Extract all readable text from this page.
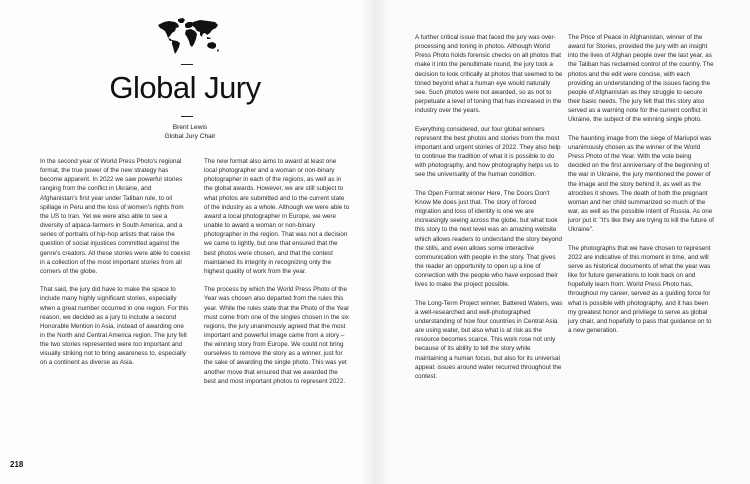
Global Jury
Brent Lewis
Global Jury Chair

In the second year of World Press Photo's regional format, the true power of the new strategy has become apparent. In 2022 we saw powerful stories ranging from the conflict in Ukraine, and Afghanistan's first year under Taliban rule, to oil spillage in Peru and the loss of women's rights from the US to Iran. Yet we were also able to see a diversity of alpaca-farmers in South America, and a series of portraits of hip-hop artists that raise the question of social injustices committed against the genre's creators. All these stories were able to coexist in a collection of the most important stories from all corners of the globe.

That said, the jury did have to make the space to include many highly significant stories, especially when a great number occurred in one region. For this reason, we decided as a jury to include a second Honorable Mention in Asia, instead of awarding one in the North and Central America region. The jury felt the two stories represented were too important and visually striking not to bring awareness to, especially on a continent as diverse as Asia.

The new format also aims to award at least one local photographer and a woman or non-binary photographer in each of the regions, as well as in the global awards. However, we are still subject to what photos are submitted and to the current state of the industry as a whole. Although we were able to award a local photographer in Europe, we were unable to award a woman or non-binary photographer in the region. That was not a decision we came to lightly, but one that ensured that the best photos were chosen, and that the contest maintained its integrity in recognizing only the highest quality of work from the year.

The process by which the World Press Photo of the Year was chosen also departed from the rules this year. While the rules state that the Photo of the Year must come from one of the singles chosen in the six regions, the jury unanimously agreed that the most important and powerful image came from a story – the winning story from Europe. We could not bring ourselves to remove the story as a winner, just for the sake of awarding the single photo. This was yet another move that ensured that we awarded the best and most important photos to represent 2022.

218

A further critical issue that faced the jury was over-processing and toning in photos. Although World Press Photo holds forensic checks on all photos that make it into the penultimate round, the jury took a decision to look critically at photos that seemed to be toned beyond what a human eye would naturally see. Such photos were not awarded, so as not to perpetuate a level of toning that has increased in the industry over the years.

Everything considered, our four global winners represent the best photos and stories from the most important and urgent stories of 2022. They also help to continue the tradition of what it is possible to do with photography, and how photography helps us to see the universality of the human condition.

The Open Format winner Here, The Doors Don't Know Me does just that. The story of forced migration and loss of identity is one we are increasingly seeing across the globe, but what took this story to the next level was an amazing website which allows readers to understand the story beyond the stills, and even allows some interactive communication with people in the story. That gives the reader an opportunity to open up a line of connection with the people who have exposed their lives to make the project possible.

The Long-Term Project winner, Battered Waters, was a well-researched and well-photographed understanding of how four countries in Central Asia are using water, but also what is at risk as the resource becomes scarce. This work rose not only because of its ability to tell the story while maintaining a human focus, but also for its universal appeal: issues around water recurred throughout the contest.

The Price of Peace in Afghanistan, winner of the award for Stories, provided the jury with an insight into the lives of Afghan people over the last year, as the Taliban has reclaimed control of the country. The photos and the edit were concise, with each providing an understanding of the issues facing the people of Afghanistan as they struggle to secure their basic needs. The jury felt that this story also served as a warning note for the current conflict in Ukraine, the subject of the winning single photo.

The haunting image from the siege of Mariupol was unanimously chosen as the winner of the World Press Photo of the Year. With the vote being decided on the first anniversary of the beginning of the war in Ukraine, the jury mentioned the power of the image and the story behind it, as well as the atrocities it shows. The death of both the pregnant woman and her child summarized so much of the war, as well as the possible intent of Russia. As one juror put it: "It's like they are trying to kill the future of Ukraine".

The photographs that we have chosen to represent 2022 are indicative of this moment in time, and will serve as historical documents of what the year was like for future generations to look back on and hopefully learn from. World Press Photo has, throughout my career, served as a guiding force for what is possible with photography, and it has been my greatest honor and privilege to serve as global jury chair, and hopefully to pass that guidance on to a new generation.
